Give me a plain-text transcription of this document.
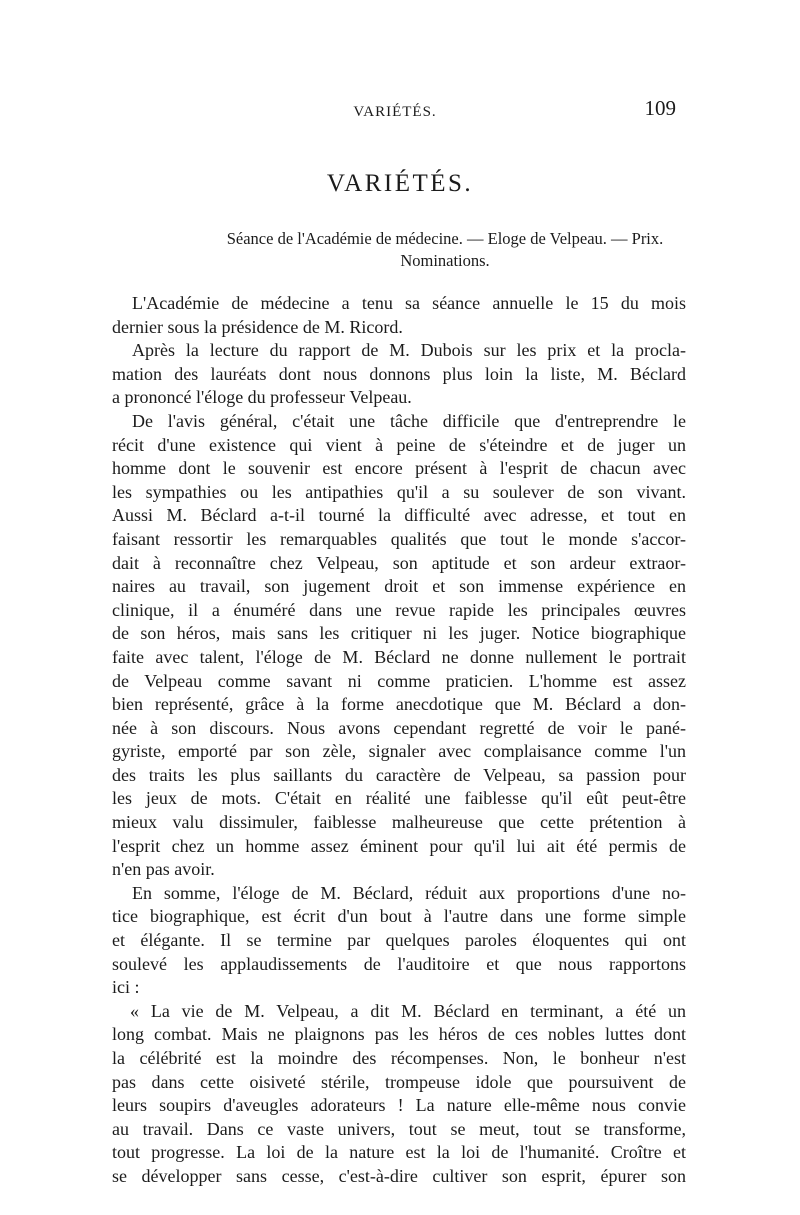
VARIÉTÉS.	109
VARIÉTÉS.
Séance de l'Académie de médecine. — Eloge de Velpeau. — Prix.
Nominations.
L'Académie de médecine a tenu sa séance annuelle le 15 du mois
dernier sous la présidence de M. Ricord.
Après la lecture du rapport de M. Dubois sur les prix et la procla-
mation des lauréats dont nous donnons plus loin la liste, M. Béclard
a prononcé l'éloge du professeur Velpeau.
De l'avis général, c'était une tâche difficile que d'entreprendre le
récit d'une existence qui vient à peine de s'éteindre et de juger un
homme dont le souvenir est encore présent à l'esprit de chacun avec
les sympathies ou les antipathies qu'il a su soulever de son vivant.
Aussi M. Béclard a-t-il tourné la difficulté avec adresse, et tout en
faisant ressortir les remarquables qualités que tout le monde s'accor-
dait à reconnaître chez Velpeau, son aptitude et son ardeur extraor-
naires au travail, son jugement droit et son immense expérience en
clinique, il a énuméré dans une revue rapide les principales œuvres
de son héros, mais sans les critiquer ni les juger. Notice biographique
faite avec talent, l'éloge de M. Béclard ne donne nullement le portrait
de Velpeau comme savant ni comme praticien. L'homme est assez
bien représenté, grâce à la forme anecdotique que M. Béclard a don-
née à son discours. Nous avons cependant regretté de voir le pané-
gyriste, emporté par son zèle, signaler avec complaisance comme l'un
des traits les plus saillants du caractère de Velpeau, sa passion pour
les jeux de mots. C'était en réalité une faiblesse qu'il eût peut-être
mieux valu dissimuler, faiblesse malheureuse que cette prétention à
l'esprit chez un homme assez éminent pour qu'il lui ait été permis de
n'en pas avoir.
En somme, l'éloge de M. Béclard, réduit aux proportions d'une no-
tice biographique, est écrit d'un bout à l'autre dans une forme simple
et élégante. Il se termine par quelques paroles éloquentes qui ont
soulevé les applaudissements de l'auditoire et que nous rapportons
ici :
« La vie de M. Velpeau, a dit M. Béclard en terminant, a été un
long combat. Mais ne plaignons pas les héros de ces nobles luttes dont
la célébrité est la moindre des récompenses. Non, le bonheur n'est
pas dans cette oisiveté stérile, trompeuse idole que poursuivent de
leurs soupirs d'aveugles adorateurs ! La nature elle-même nous convie
au travail. Dans ce vaste univers, tout se meut, tout se transforme,
tout progresse. La loi de la nature est la loi de l'humanité. Croître et
se développer sans cesse, c'est-à-dire cultiver son esprit, épurer son
